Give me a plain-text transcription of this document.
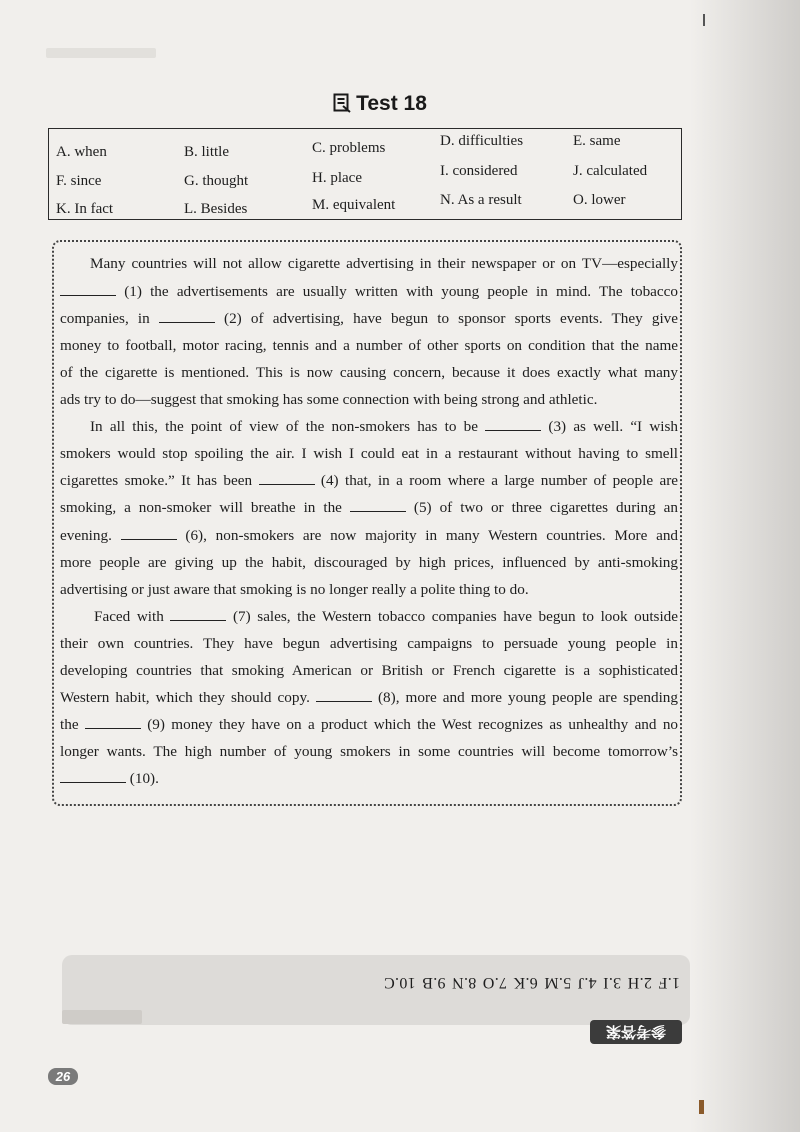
Test 18
A. when	B. little	C. problems	D. difficulties	E. same
F. since	G. thought	H. place	I. considered	J. calculated
K. In fact	L. Besides	M. equivalent	N. As a result	O. lower
Many countries will not allow cigarette advertising in their newspaper or on TV—especially
(1) the advertisements are usually written with young people in mind. The tobacco
companies, in	(2) of advertising, have begun to sponsor sports events. They give
money to football, motor racing, tennis and a number of other sports on condition that the name
of the cigarette is mentioned. This is now causing concern, because it does exactly what many
ads try to do—suggest that smoking has some connection with being strong and athletic.
In all this, the point of view of the non-smokers has to be	(3) as well. “I wish
smokers would stop spoiling the air. I wish I could eat in a restaurant without having to smell
cigarettes smoke.” It has been	(4) that, in a room where a large number of people are
smoking, a non-smoker will breathe in the	(5) of two or three cigarettes during an
evening.	(6), non-smokers are now majority in many Western countries. More and
more people are giving up the habit, discouraged by high prices, influenced by anti-smoking
advertising or just aware that smoking is no longer really a polite thing to do.
Faced with	(7) sales, the Western tobacco companies have begun to look outside
their own countries. They have begun advertising campaigns to persuade young people in
developing countries that smoking American or British or French cigarette is a sophisticated
Western habit, which they should copy.	(8), more and more young people are spending
the	(9) money they have on a product which the West recognizes as unhealthy and no
longer wants. The high number of young smokers in some countries will become tomorrow’s
(10).
1.F 2.H 3.I 4.J 5.M 6.K 7.O 8.N 9.B 10.C
参考答案
26
